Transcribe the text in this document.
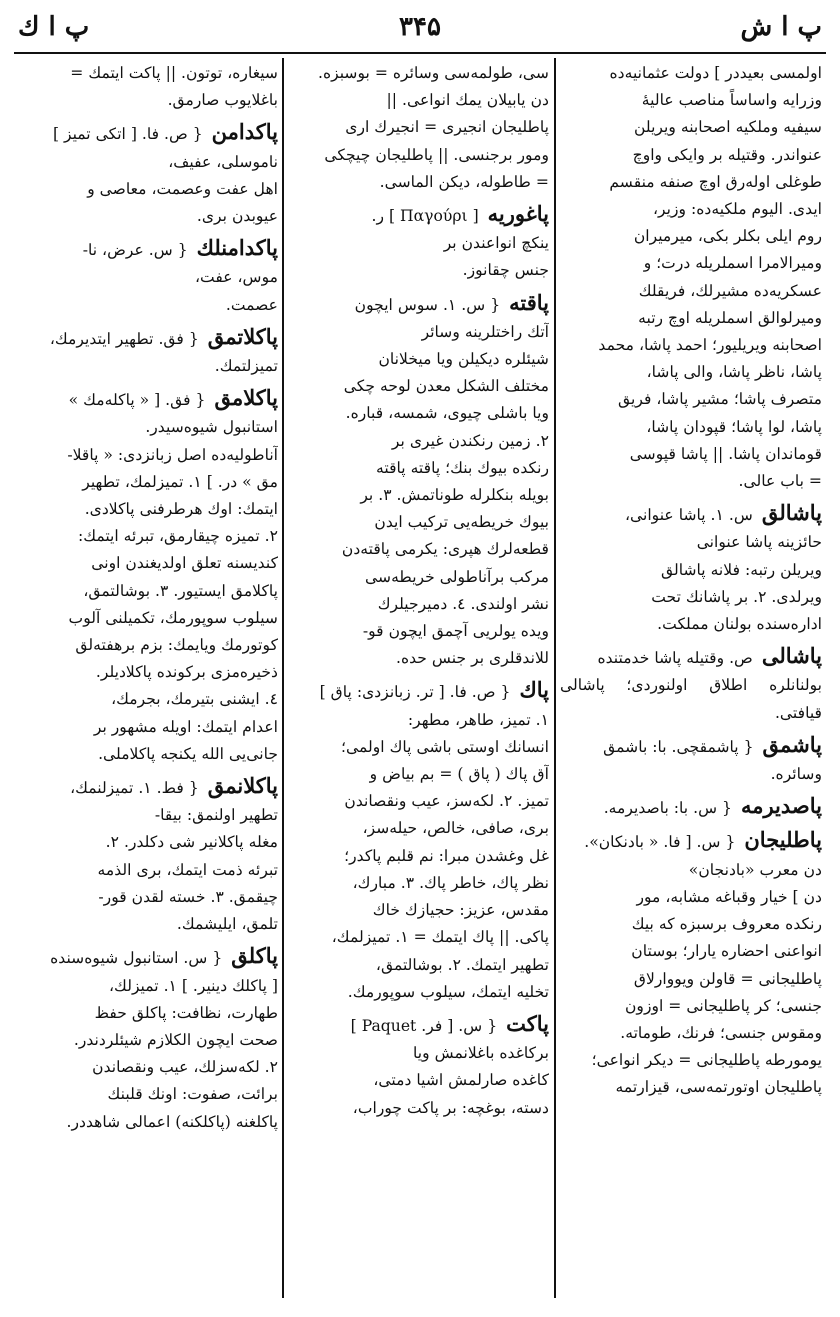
پ ا ش
۳۴۵
پ ا ك
اولمسى بعيددر ] دولت عثمانيه‌ده
وزرايه واساساً مناصب عاليهٔ
سيفيه وملكيه اصحابنه ويريلن
عنواندر. وقتيله بر وايكى واوچ
طوغلى اولەرق اوچ صنفه منقسم
ايدى. اليوم ملكيه‌ده: وزير،
روم ايلى بكلر بكى، ميرميران
وميرالامرا اسملريله درت؛ و
عسكريه‌ده مشيرلك، فريقلك
وميرلوالق اسملريله اوچ رتبه
اصحابنه ويريليور؛ احمد پاشا، محمد
پاشا، ناظر پاشا، والى پاشا،
متصرف پاشا؛ مشير پاشا، فريق
پاشا، لوا پاشا؛ قپودان پاشا،
قوماندان پاشا. || پاشا قپوسى
= باب عالى.
پاشالق س. ١. پاشا عنوانى،
حائزينه پاشا عنوانى
ويريلن رتبه: فلانه پاشالق
ويرلدى. ٢. بر پاشانك تحت
اداره‌سنده بولنان مملكت.
پاشالى ص. وقتيله پاشا خدمتنده
بولنانلره اطلاق اولنوردى؛ پاشالى قيافتى.
پاشمق { پاشمقچى. با: باشمق
وسائره.
پاصديرمه { س. با: باصديرمه.
پاطليجان { س. [ فا. « بادنكان».
دن معرب «بادنجان»
دن ] خيار وقباغه مشابه، مور
رنكده معروف برسبزه كه بيك
انواعنى احضاره يارار؛ بوستان
پاطليجانى = قاولن ويووارلاق
جنسى؛ كر پاطليجانى = اوزون
ومقوس جنسى؛ فرنك، طوماته.
يومورطه پاطليجانى = ديكر انواعى؛
پاطليجان اوتورتمه‌سى، قيزارتمه
سى، طولمه‌سى وسائره = بوسبزه.
دن يابيلان يمك انواعى. ||
پاطليجان انجيرى = انجيرك ارى
ومور برجنسى. || پاطليجان چيچكى
= طاطوله، ديكن الماسى.
پاغوريه [ Παγούρι ] ر.
ينكچ انواعندن بر
جنس چقانوز.
پاقته { س. ١. سوس ايچون
آتك راختلرينه وسائر
شيئلره ديكيلن ويا ميخلانان
مختلف الشكل معدن لوحه چكى
ويا باشلى چيوى، شمسه، قباره.
٢. زمين رنكندن غيرى بر
رنكده بيوك بنك؛ پاقته پاقته
بويله بنكلرله طوناتمش. ٣. بر
بيوك خريطه‌يى تركيب ايدن
قطعه‌لرك هپرى: يكرمى پاقته‌دن
مركب برآناطولى خريطه‌سى
نشر اولندى. ٤. دميرجيلرك
ويده يولريى آچمق ايچون قو-
للاندقلرى بر جنس حدە.
پاك { ص. فا. [ تر. زبانزدى: پاق ]
١. تميز، طاهر، مطهر:
انسانك اوستى باشى پاك اولمى؛
آق پاك ( پاق ) = بم بياض و
تميز. ٢. لكه‌سز، عيب ونقصاندن
برى، صافى، خالص، حيله‌سز،
غل وغشدن مبرا: نم قلبم پاكدر؛
نظر پاك، خاطر پاك. ٣. مبارك،
مقدس، عزيز: حجيازك خاك
پاكى. || پاك ايتمك = ١. تميزلمك،
تطهير ايتمك. ٢. بوشالتمق،
تخليه ايتمك، سيلوب سوپورمك.
پاكت { س. [ فر. Paquet ]
بركاغده باغلانمش ويا
كاغده صارلمش اشيا دمتى،
دسته، بوغچه: بر پاكت چوراب،
سيغاره، توتون. || پاكت ايتمك =
باغلايوب صارمق.
پاكدامن { ص. فا. [ اتكى تميز ]
ناموسلى، عفيف،
اهل عفت وعصمت، معاصى و
عيوبدن برى.
پاكدامنلك { س. عرض، نا-
موس، عفت،
عصمت.
پاكلاتمق { فق. تطهير ايتديرمك،
تميزلتمك.
پاكلامق { فق. [ « پاكلەمك »
استانبول شيوه‌سيدر.
آناطوليه‌ده اصل زبانزدى: « پاقلا-
مق » در. ] ١. تميزلمك، تطهير
ايتمك: اوك هرطرفنى پاكلادى.
٢. تميزه چيقارمق، تبرئه ايتمك:
كنديسنه تعلق اولديغندن اونى
پاكلامق ايستيور. ٣. بوشالتمق،
سيلوب سوپورمك، تكميلنى آلوب
كوتورمك ويايمك: بزم برهفته‌لق
ذخيره‌مزى بركونده پاكلاديلر.
٤. ايشنى بتيرمك، بجرمك،
اعدام ايتمك: اويله مشهور بر
جانى‌يى الله يكنجه پاكلاملى.
پاكلانمق { فط. ١. تميزلنمك،
تطهير اولنمق: بيقا-
مغله پاكلانير شى دكلدر. ٢.
تبرئه ذمت ايتمك، برى الذمه
چيقمق. ٣. خسته لقدن قور-
تلمق، ايليشمك.
پاكلق { س. استانبول شيوه‌سنده
[ پاكلك دينير. ] ١. تميزلك،
طهارت، نظافت: پاكلق حفظ
صحت ايچون الكلازم شيئلردندر.
٢. لكه‌سزلك، عيب ونقصاندن
برائت، صفوت: اونك قلبنك
پاكلغنه (پاكلكنه) اعمالى شاهددر.
